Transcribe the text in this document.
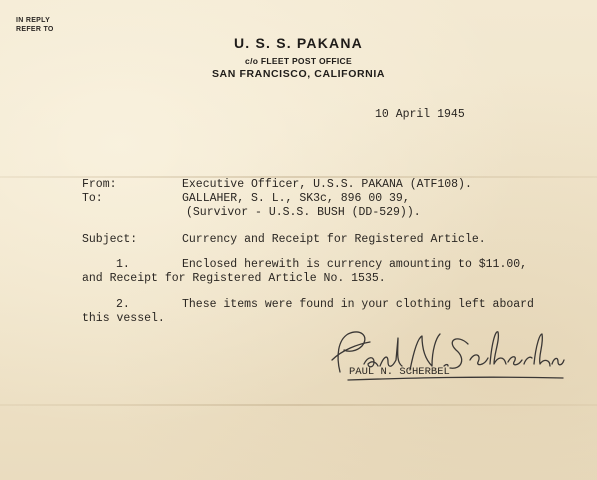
IN REPLY
REFER TO
U. S. S. PAKANA
c/o FLEET POST OFFICE
SAN FRANCISCO, CALIFORNIA
10 April 1945
From:	Executive Officer, U.S.S. PAKANA (ATF108).
To:	GALLAHER, S. L., SK3c, 896 00 39,
(Survivor - U.S.S. BUSH (DD-529)).
Subject:	Currency and Receipt for Registered Article.
1.	Enclosed herewith is currency amounting to $11.00,
and Receipt for Registered Article No. 1535.
2.	These items were found in your clothing left aboard
this vessel.
PAUL N. SCHERBEL
